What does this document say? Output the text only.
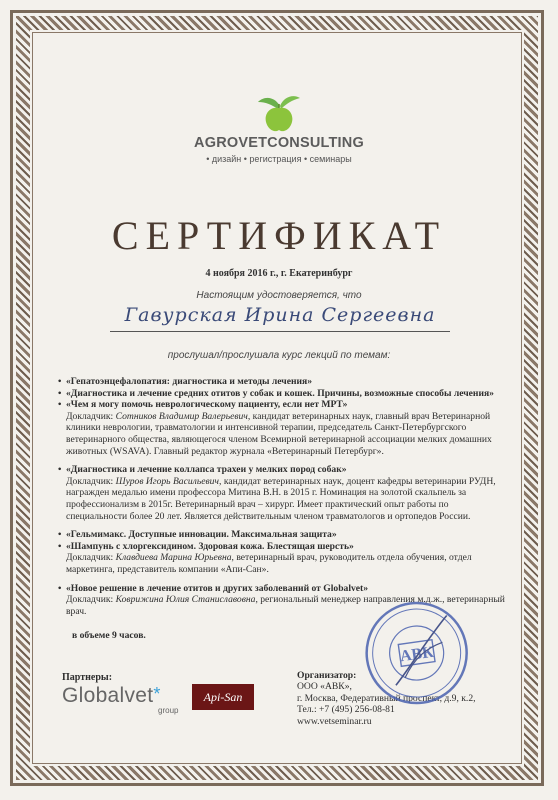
AGROVETCONSULTING
• дизайн • регистрация • семинары
СЕРТИФИКАТ
4 ноября 2016 г., г. Екатеринбург
Настоящим удостоверяется, что
Гавурская Ирина Сергеевна
прослушал/прослушала курс лекций по темам:
• «Гепатоэнцефалопатия: диагностика и методы лечения»
• «Диагностика и лечение средних отитов у собак и кошек. Причины, возможные способы лечения»
• «Чем я могу помочь неврологическому пациенту, если нет МРТ»
Докладчик: Сотников Владимир Валерьевич, кандидат ветеринарных наук, главный врач Ветеринарной клиники неврологии, травматологии и интенсивной терапии, председатель Санкт-Петербургского ветеринарного общества, являющегося членом Всемирной ветеринарной ассоциации мелких домашних животных (WSAVA). Главный редактор журнала «Ветеринарный Петербург».
• «Диагностика и лечение коллапса трахеи у мелких пород собак»
Докладчик: Шуров Игорь Васильевич, кандидат ветеринарных наук, доцент кафедры ветеринарии РУДН, награжден медалью имени профессора Митина В.Н. в 2015 г. Номинация на золотой скальпель за профессионализм в 2015г. Ветеринарный врач – хирург. Имеет практический опыт работы по специальности более 20 лет. Является действительным членом травматологов и ортопедов России.
• «Гельмимакс. Доступные инновации. Максимальная защита»
• «Шампунь с хлоргексидином. Здоровая кожа. Блестящая шерсть»
Докладчик: Клавдиева Марина Юрьевна, ветеринарный врач, руководитель отдела обучения, отдел маркетинга, представитель компании «Апи-Сан».
• «Новое решение в лечение отитов и других заболеваний от Globalvet»
Докладчик: Коврижина Юлия Станиславовна, региональный менеджер направления м.д.ж., ветеринарный врач.
в объеме 9 часов.
Партнеры:
Globalvet*
group
Api-San
Организатор:
ООО «АВК»,
г. Москва, Федеративный проспект, д.9, к.2,
Тел.: +7 (495) 256-08-81
www.vetseminar.ru
АВК
